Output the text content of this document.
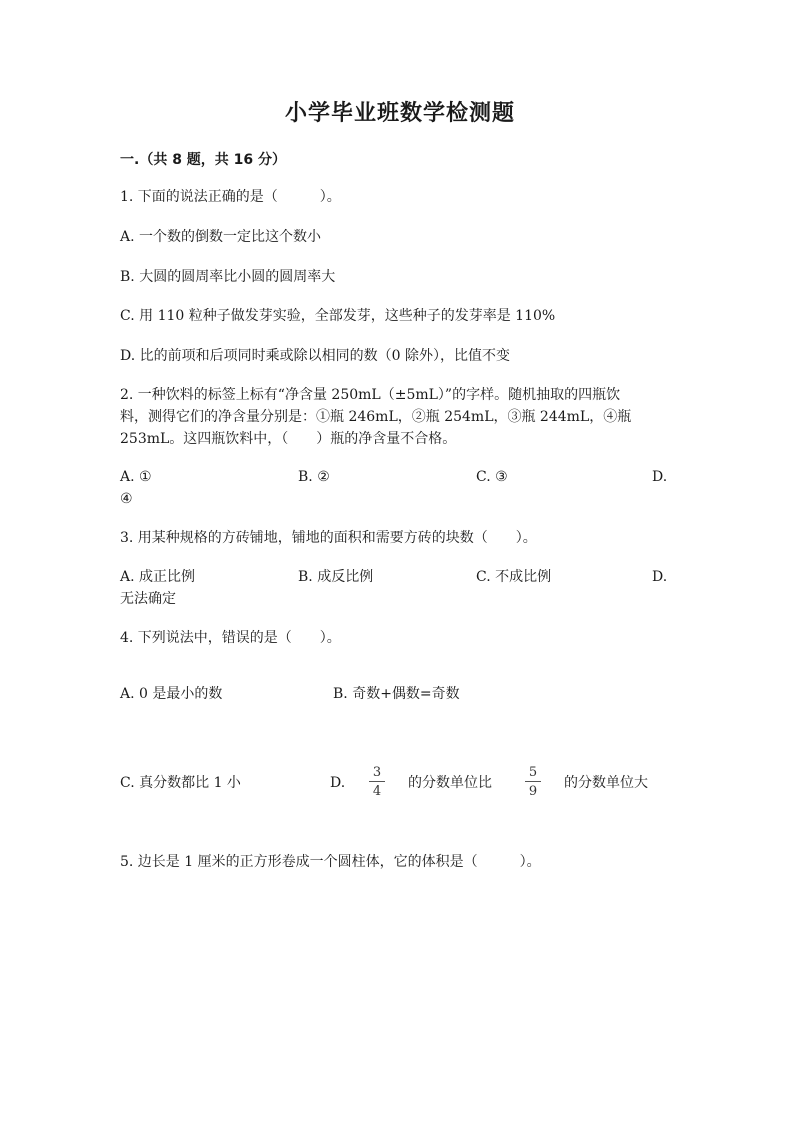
小学毕业班数学检测题
一.（共 8 题，共 16 分）
1. 下面的说法正确的是（　　　）。
A. 一个数的倒数一定比这个数小
B. 大圆的圆周率比小圆的圆周率大
C. 用 110 粒种子做发芽实验，全部发芽，这些种子的发芽率是 110%
D. 比的前项和后项同时乘或除以相同的数（0 除外），比值不变
2. 一种饮料的标签上标有“净含量 250mL（±5mL）”的字样。随机抽取的四瓶饮
料，测得它们的净含量分别是：①瓶 246mL，②瓶 254mL，③瓶 244mL，④瓶
253mL。这四瓶饮料中，（　　）瓶的净含量不合格。
A. ①	B. ②	C. ③	D.
④
3. 用某种规格的方砖铺地，铺地的面积和需要方砖的块数（　　）。
A. 成正比例	B. 成反比例	C. 不成比例	D.
无法确定
4. 下列说法中，错误的是（　　）。
A. 0 是最小的数	B. 奇数+偶数=奇数
C. 真分数都比 1 小	D.
3
4
的分数单位比
5
9
的分数单位大
5. 边长是 1 厘米的正方形卷成一个圆柱体，它的体积是（　　　）。
